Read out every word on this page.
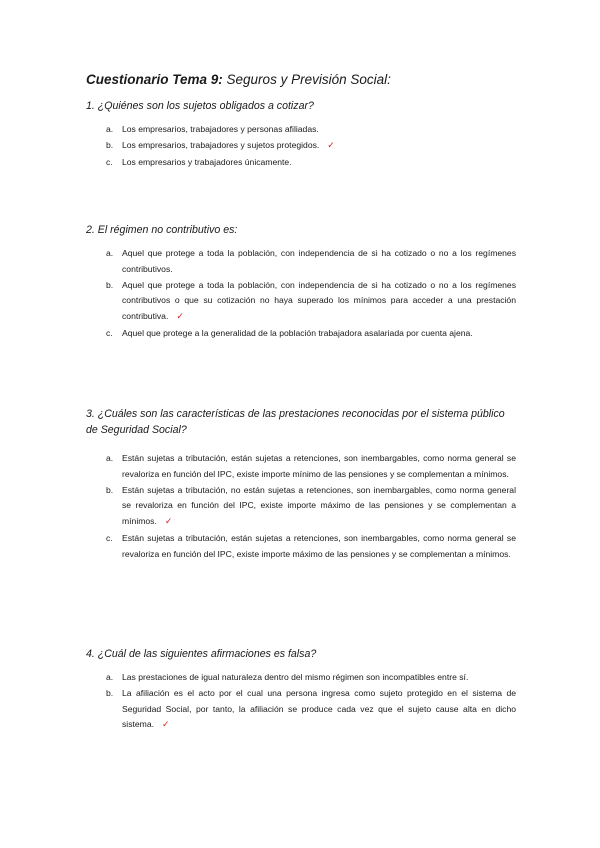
Cuestionario Tema 9: Seguros y Previsión Social:
1. ¿Quiénes son los sujetos obligados a cotizar?
a. Los empresarios, trabajadores y personas afiliadas.
b. Los empresarios, trabajadores y sujetos protegidos. ✓
c. Los empresarios y trabajadores únicamente.
2. El régimen no contributivo es:
a. Aquel que protege a toda la población, con independencia de si ha cotizado o no a los regímenes contributivos.
b. Aquel que protege a toda la población, con independencia de si ha cotizado o no a los regímenes contributivos o que su cotización no haya superado los mínimos para acceder a una prestación contributiva. ✓
c. Aquel que protege a la generalidad de la población trabajadora asalariada por cuenta ajena.
3. ¿Cuáles son las características de las prestaciones reconocidas por el sistema público de Seguridad Social?
a. Están sujetas a tributación, están sujetas a retenciones, son inembargables, como norma general se revaloriza en función del IPC, existe importe mínimo de las pensiones y se complementan a mínimos.
b. Están sujetas a tributación, no están sujetas a retenciones, son inembargables, como norma general se revaloriza en función del IPC, existe importe máximo de las pensiones y se complementan a mínimos. ✓
c. Están sujetas a tributación, están sujetas a retenciones, son inembargables, como norma general se revaloriza en función del IPC, existe importe máximo de las pensiones y se complementan a mínimos.
4. ¿Cuál de las siguientes afirmaciones es falsa?
a. Las prestaciones de igual naturaleza dentro del mismo régimen son incompatibles entre sí.
b. La afiliación es el acto por el cual una persona ingresa como sujeto protegido en el sistema de Seguridad Social, por tanto, la afiliación se produce cada vez que el sujeto cause alta en dicho sistema. ✓
